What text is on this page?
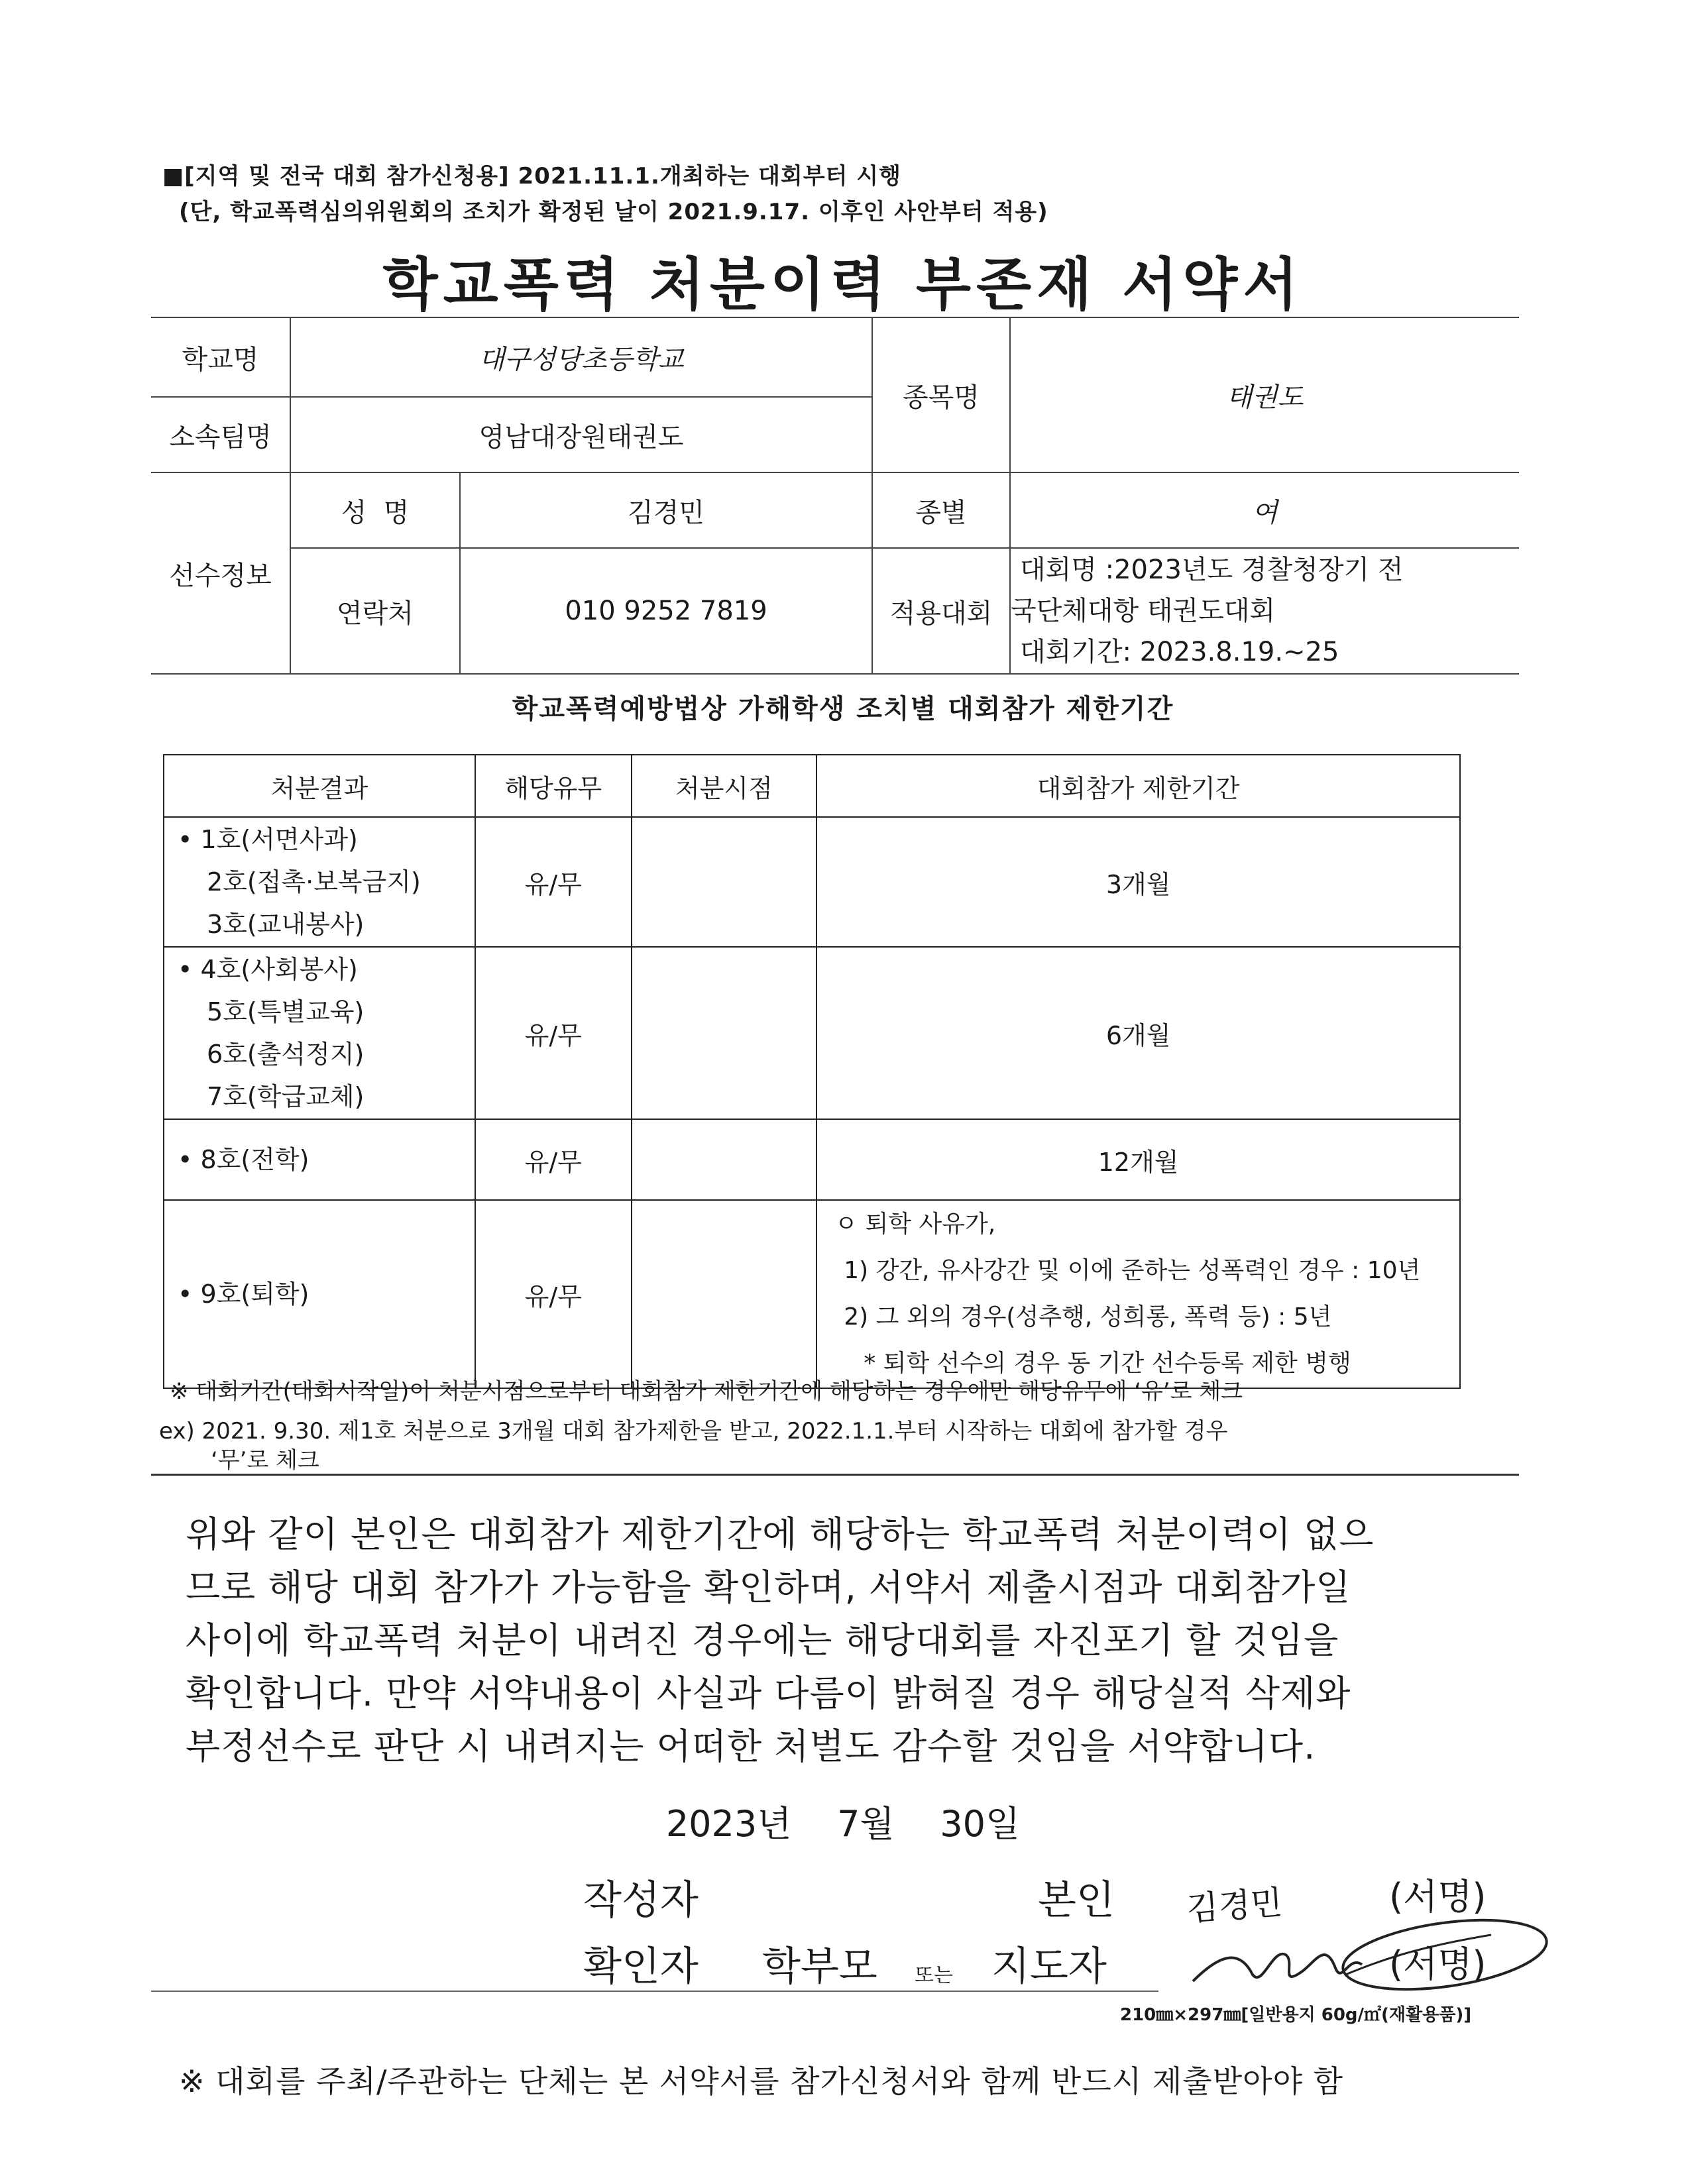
■[지역 및 전국 대회 참가신청용] 2021.11.1.개최하는 대회부터 시행
(단, 학교폭력심의위원회의 조치가 확정된 날이 2021.9.17. 이후인 사안부터 적용)
학교폭력 처분이력 부존재 서약서
학교명	대구성당초등학교		종목명	태권도
소속팀명	영남대장원태권도			
선수정보	성  명	김경민	종별	여
	연락처	010 9252 7819	적용대회	대회명 :2023년도 경찰청장기 전
국단체대항 태권도대회
대회기간: 2023.8.19.~25
학교폭력예방법상 가해학생 조치별 대회참가 제한기간
처분결과	해당유무	처분시점	대회참가 제한기간

• 1호(서면사과)
2호(접촉·보복금지)
3호(교내봉사)	유/무		3개월

• 4호(사회봉사)
5호(특별교육)
6호(출석정지)
7호(학급교체)	유/무		6개월

• 8호(전학)	유/무		12개월

• 9호(퇴학)	유/무		ㅇ 퇴학 사유가,
1) 강간, 유사강간 및 이에 준하는 성폭력인 경우 : 10년
2) 그 외의 경우(성추행, 성희롱, 폭력 등) : 5년
* 퇴학 선수의 경우 동 기간 선수등록 제한 병행
※ 대회기간(대회시작일)이 처분시점으로부터 대회참가 제한기간에 해당하는 경우에만 해당유무에 ‘유’로 체크
ex) 2021. 9.30. 제1호 처분으로 3개월 대회 참가제한을 받고, 2022.1.1.부터 시작하는 대회에 참가할 경우
‘무’로 체크
위와 같이 본인은 대회참가 제한기간에 해당하는 학교폭력 처분이력이 없으
므로 해당 대회 참가가 가능함을 확인하며, 서약서 제출시점과 대회참가일
사이에 학교폭력 처분이 내려진 경우에는 해당대회를 자진포기 할 것임을
확인합니다. 만약 서약내용이 사실과 다름이 밝혀질 경우 해당실적 삭제와
부정선수로 판단 시 내려지는 어떠한 처벌도 감수할 것임을 서약합니다.
2023년 7월 30일
작성자	본인 김경민	(서명)
확인자 학부모 또는 지도자	(서명)
210㎜×297㎜[일반용지 60g/㎡(재활용품)]
※ 대회를 주최/주관하는 단체는 본 서약서를 참가신청서와 함께 반드시 제출받아야 함
